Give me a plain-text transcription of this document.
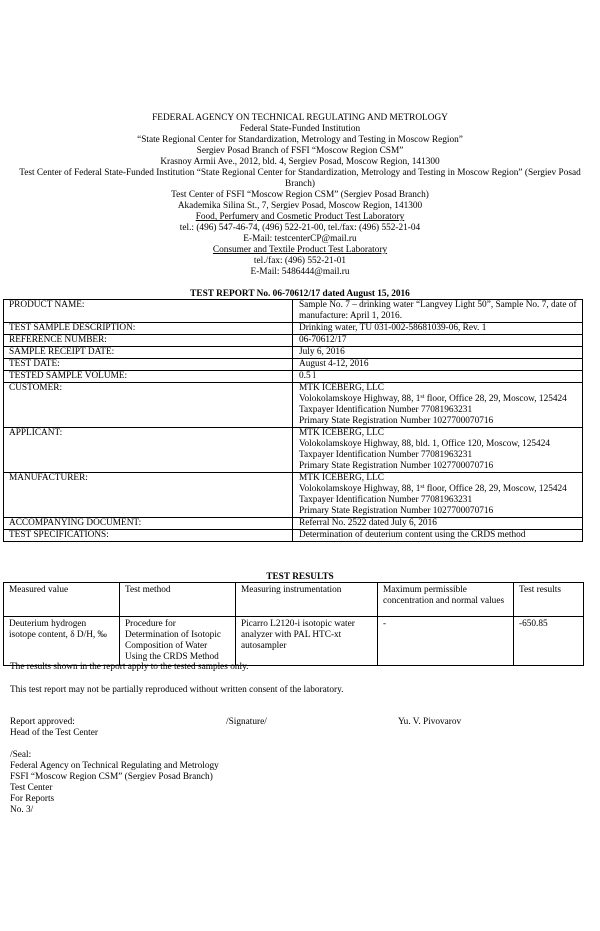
FEDERAL AGENCY ON TECHNICAL REGULATING AND METROLOGY
Federal State-Funded Institution
“State Regional Center for Standardization, Metrology and Testing in Moscow Region”
Sergiev Posad Branch of FSFI “Moscow Region CSM”
Krasnoy Armii Ave., 2012, bld. 4, Sergiev Posad, Moscow Region, 141300
Test Center of Federal State-Funded Institution “State Regional Center for Standardization, Metrology and Testing in Moscow Region” (Sergiev Posad Branch)
Test Center of FSFI “Moscow Region CSM” (Sergiev Posad Branch)
Akademika Silina St., 7, Sergiev Posad, Moscow Region, 141300
Food, Perfumery and Cosmetic Product Test Laboratory
tel.: (496) 547-46-74, (496) 522-21-00, tel./fax: (496) 552-21-04
E-Mail: testcenterCP@mail.ru
Consumer and Textile Product Test Laboratory
tel./fax: (496) 552-21-01
E-Mail: 5486444@mail.ru
TEST REPORT No. 06-70612/17 dated August 15, 2016
PRODUCT NAME:	Sample No. 7 – drinking water “Langvey Light 50”, Sample No. 7, date of manufacture: April 1, 2016.
TEST SAMPLE DESCRIPTION:	Drinking water, TU 031-002-58681039-06, Rev. 1
REFERENCE NUMBER:	06-70612/17
SAMPLE RECEIPT DATE:	July 6, 2016
TEST DATE:	August 4-12, 2016
TESTED SAMPLE VOLUME:	0.5 l
CUSTOMER:	MTK ICEBERG, LLC
Volokolamskoye Highway, 88, 1st floor, Office 28, 29, Moscow, 125424
Taxpayer Identification Number 77081963231
Primary State Registration Number 1027700070716

APPLICANT:	MTK ICEBERG, LLC
Volokolamskoye Highway, 88, bld. 1, Office 120, Moscow, 125424
Taxpayer Identification Number 77081963231
Primary State Registration Number 1027700070716

MANUFACTURER:	MTK ICEBERG, LLC
Volokolamskoye Highway, 88, 1st floor, Office 28, 29, Moscow, 125424
Taxpayer Identification Number 77081963231
Primary State Registration Number 1027700070716

ACCOMPANYING DOCUMENT:	Referral No. 2522 dated July 6, 2016
TEST SPECIFICATIONS:	Determination of deuterium content using the CRDS method
TEST RESULTS
Measured value	Test method	Measuring instrumentation	Maximum permissible concentration and normal values	Test results
Deuterium hydrogen isotope content, δ D/H, ‰	Procedure for Determination of Isotopic Composition of Water Using the CRDS Method	Picarro L2120-i isotopic water analyzer with PAL HTC-xt autosampler	-	-650.85
The results shown in the report apply to the tested samples only.
This test report may not be partially reproduced without written consent of the laboratory.
Report approved:
Head of the Test Center
/Signature/	Yu. V. Pivovarov
/Seal:
Federal Agency on Technical Regulating and Metrology
FSFI “Moscow Region CSM” (Sergiev Posad Branch)
Test Center
For Reports
No. 3/
